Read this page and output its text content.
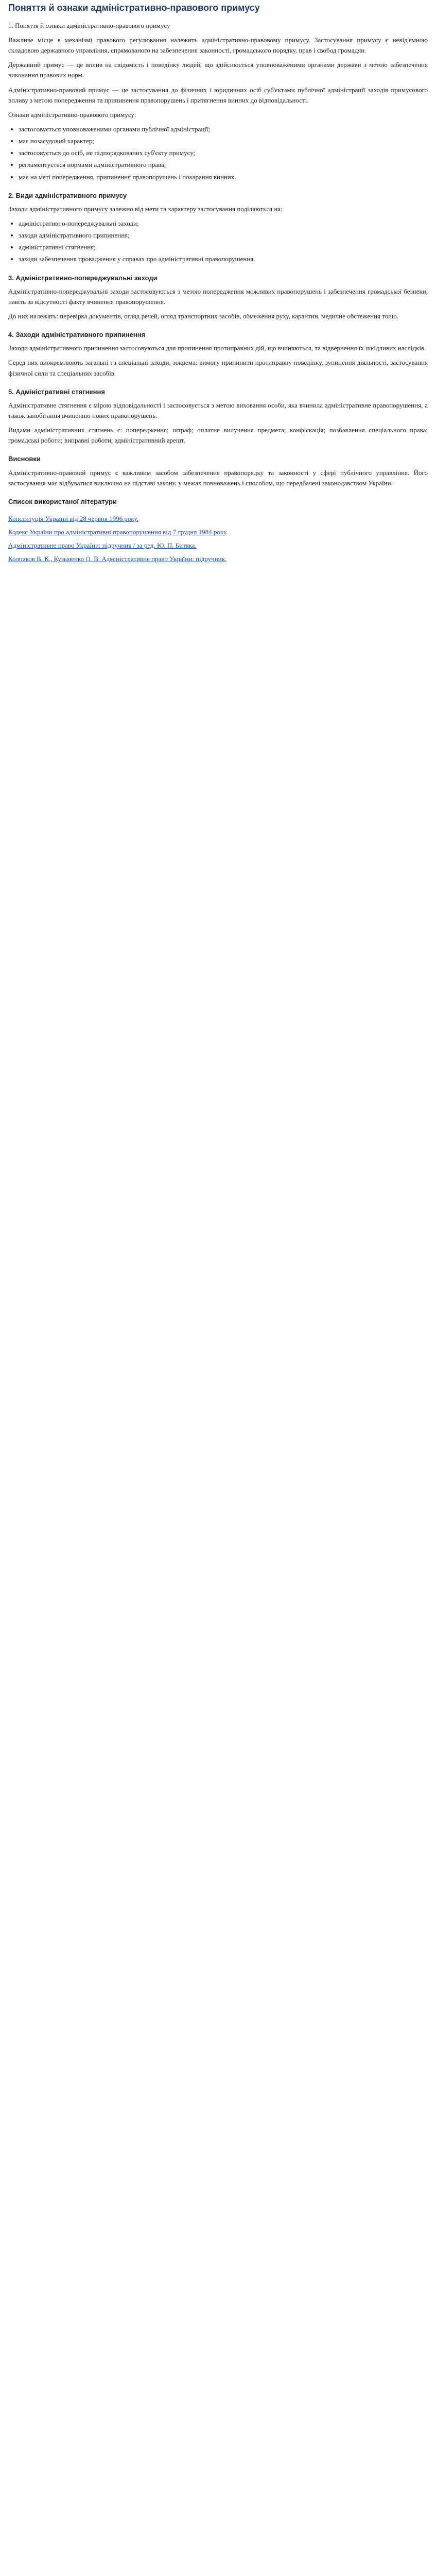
Поняття й ознаки адміністративно-правового примусу

1. Поняття й ознаки адміністративно-правового примусу

Важливе місце в механізмі правового регулювання належить адміністративно-правовому примусу. Застосування примусу є невід'ємною складовою державного управління, спрямованого на забезпечення законності, громадського порядку, прав і свобод громадян.

Державний примус — це вплив на свідомість і поведінку людей, що здійснюється уповноваженими органами держави з метою забезпечення виконання правових норм.

Адміністративно-правовий примус — це застосування до фізичних і юридичних осіб суб'єктами публічної адміністрації заходів примусового впливу з метою попередження та припинення правопорушень і притягнення винних до відповідальності.

Ознаки адміністративно-правового примусу:

• застосовується уповноваженими органами публічної адміністрації;
• має позасудовий характер;
• застосовується до осіб, не підпорядкованих суб'єкту примусу;
• регламентується нормами адміністративного права;
• має на меті попередження, припинення правопорушень і покарання винних.
2. Види адміністративного примусу

Заходи адміністративного примусу залежно від мети та характеру застосування поділяються на:

• адміністративно-попереджувальні заходи;
• заходи адміністративного припинення;
• адміністративні стягнення;
• заходи забезпечення провадження у справах про адміністративні правопорушення.
3. Адміністративно-попереджувальні заходи

Адміністративно-попереджувальні заходи застосовуються з метою попередження можливих правопорушень і забезпечення громадської безпеки, навіть за відсутності факту вчинення правопорушення.

До них належать: перевірка документів, огляд речей, огляд транспортних засобів, обмеження руху, карантин, медичне обстеження тощо.

4. Заходи адміністративного припинення

Заходи адміністративного припинення застосовуються для припинення протиправних дій, що вчиняються, та відвернення їх шкідливих наслідків.

Серед них виокремлюють загальні та спеціальні заходи, зокрема: вимогу припинити протиправну поведінку, зупинення діяльності, застосування фізичної сили та спеціальних засобів.

5. Адміністративні стягнення

Адміністративне стягнення є мірою відповідальності і застосовується з метою виховання особи, яка вчинила адміністративне правопорушення, а також запобігання вчиненню нових правопорушень.

Видами адміністративних стягнень є: попередження; штраф; оплатне вилучення предмета; конфіскація; позбавлення спеціального права; громадські роботи; виправні роботи; адміністративний арешт.

Висновки

Адміністративно-правовий примус є важливим засобом забезпечення правопорядку та законності у сфері публічного управління. Його застосування має відбуватися виключно на підставі закону, у межах повноважень і способом, що передбачені законодавством України.

Список використаної літератури
Конституція України від 28 червня 1996 року.
Кодекс України про адміністративні правопорушення від 7 грудня 1984 року.
Адміністративне право України: підручник / за ред. Ю. П. Битяка.
Колпаков В. К., Кузьменко О. В. Адміністративне право України: підручник.
